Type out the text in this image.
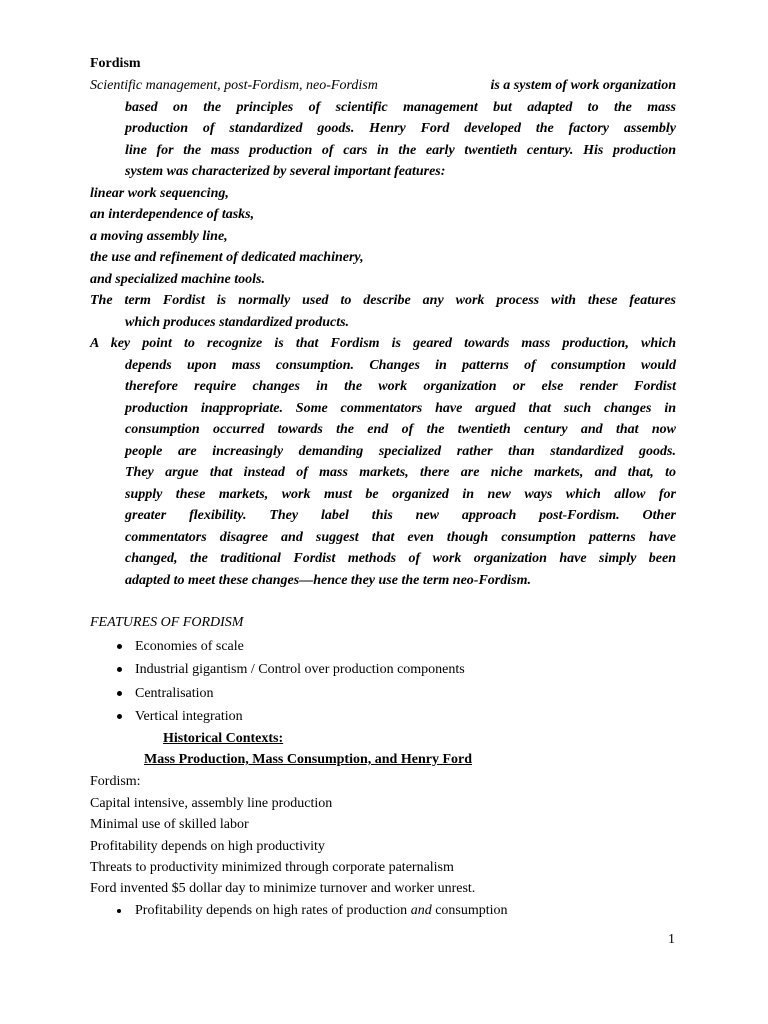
Fordism
Scientific management, post-Fordism, neo-Fordism	is a system of work organization
based on the principles of scientific management but adapted to the mass
production of standardized goods. Henry Ford developed the factory assembly
line for the mass production of cars in the early twentieth century. His production
system was characterized by several important features:
linear work sequencing,
an interdependence of tasks,
a moving assembly line,
the use and refinement of dedicated machinery,
and specialized machine tools.
The term Fordist is normally used to describe any work process with these features
which produces standardized products.
A key point to recognize is that Fordism is geared towards mass production, which
depends upon mass consumption. Changes in patterns of consumption would
therefore require changes in the work organization or else render Fordist
production inappropriate. Some commentators have argued that such changes in
consumption occurred towards the end of the twentieth century and that now
people are increasingly demanding specialized rather than standardized goods.
They argue that instead of mass markets, there are niche markets, and that, to
supply these markets, work must be organized in new ways which allow for
greater flexibility. They label this new approach post-Fordism. Other
commentators disagree and suggest that even though consumption patterns have
changed, the traditional Fordist methods of work organization have simply been
adapted to meet these changes—hence they use the term neo-Fordism.
FEATURES OF FORDISM
Economies of scale
Industrial gigantism / Control over production components
Centralisation
Vertical integration
Historical Contexts:
Mass Production, Mass Consumption, and Henry Ford
Fordism:
Capital intensive, assembly line production
Minimal use of skilled labor
Profitability depends on high productivity
Threats to productivity minimized through corporate paternalism
Ford invented $5 dollar day to minimize turnover and worker unrest.
Profitability depends on high rates of production and consumption
1
